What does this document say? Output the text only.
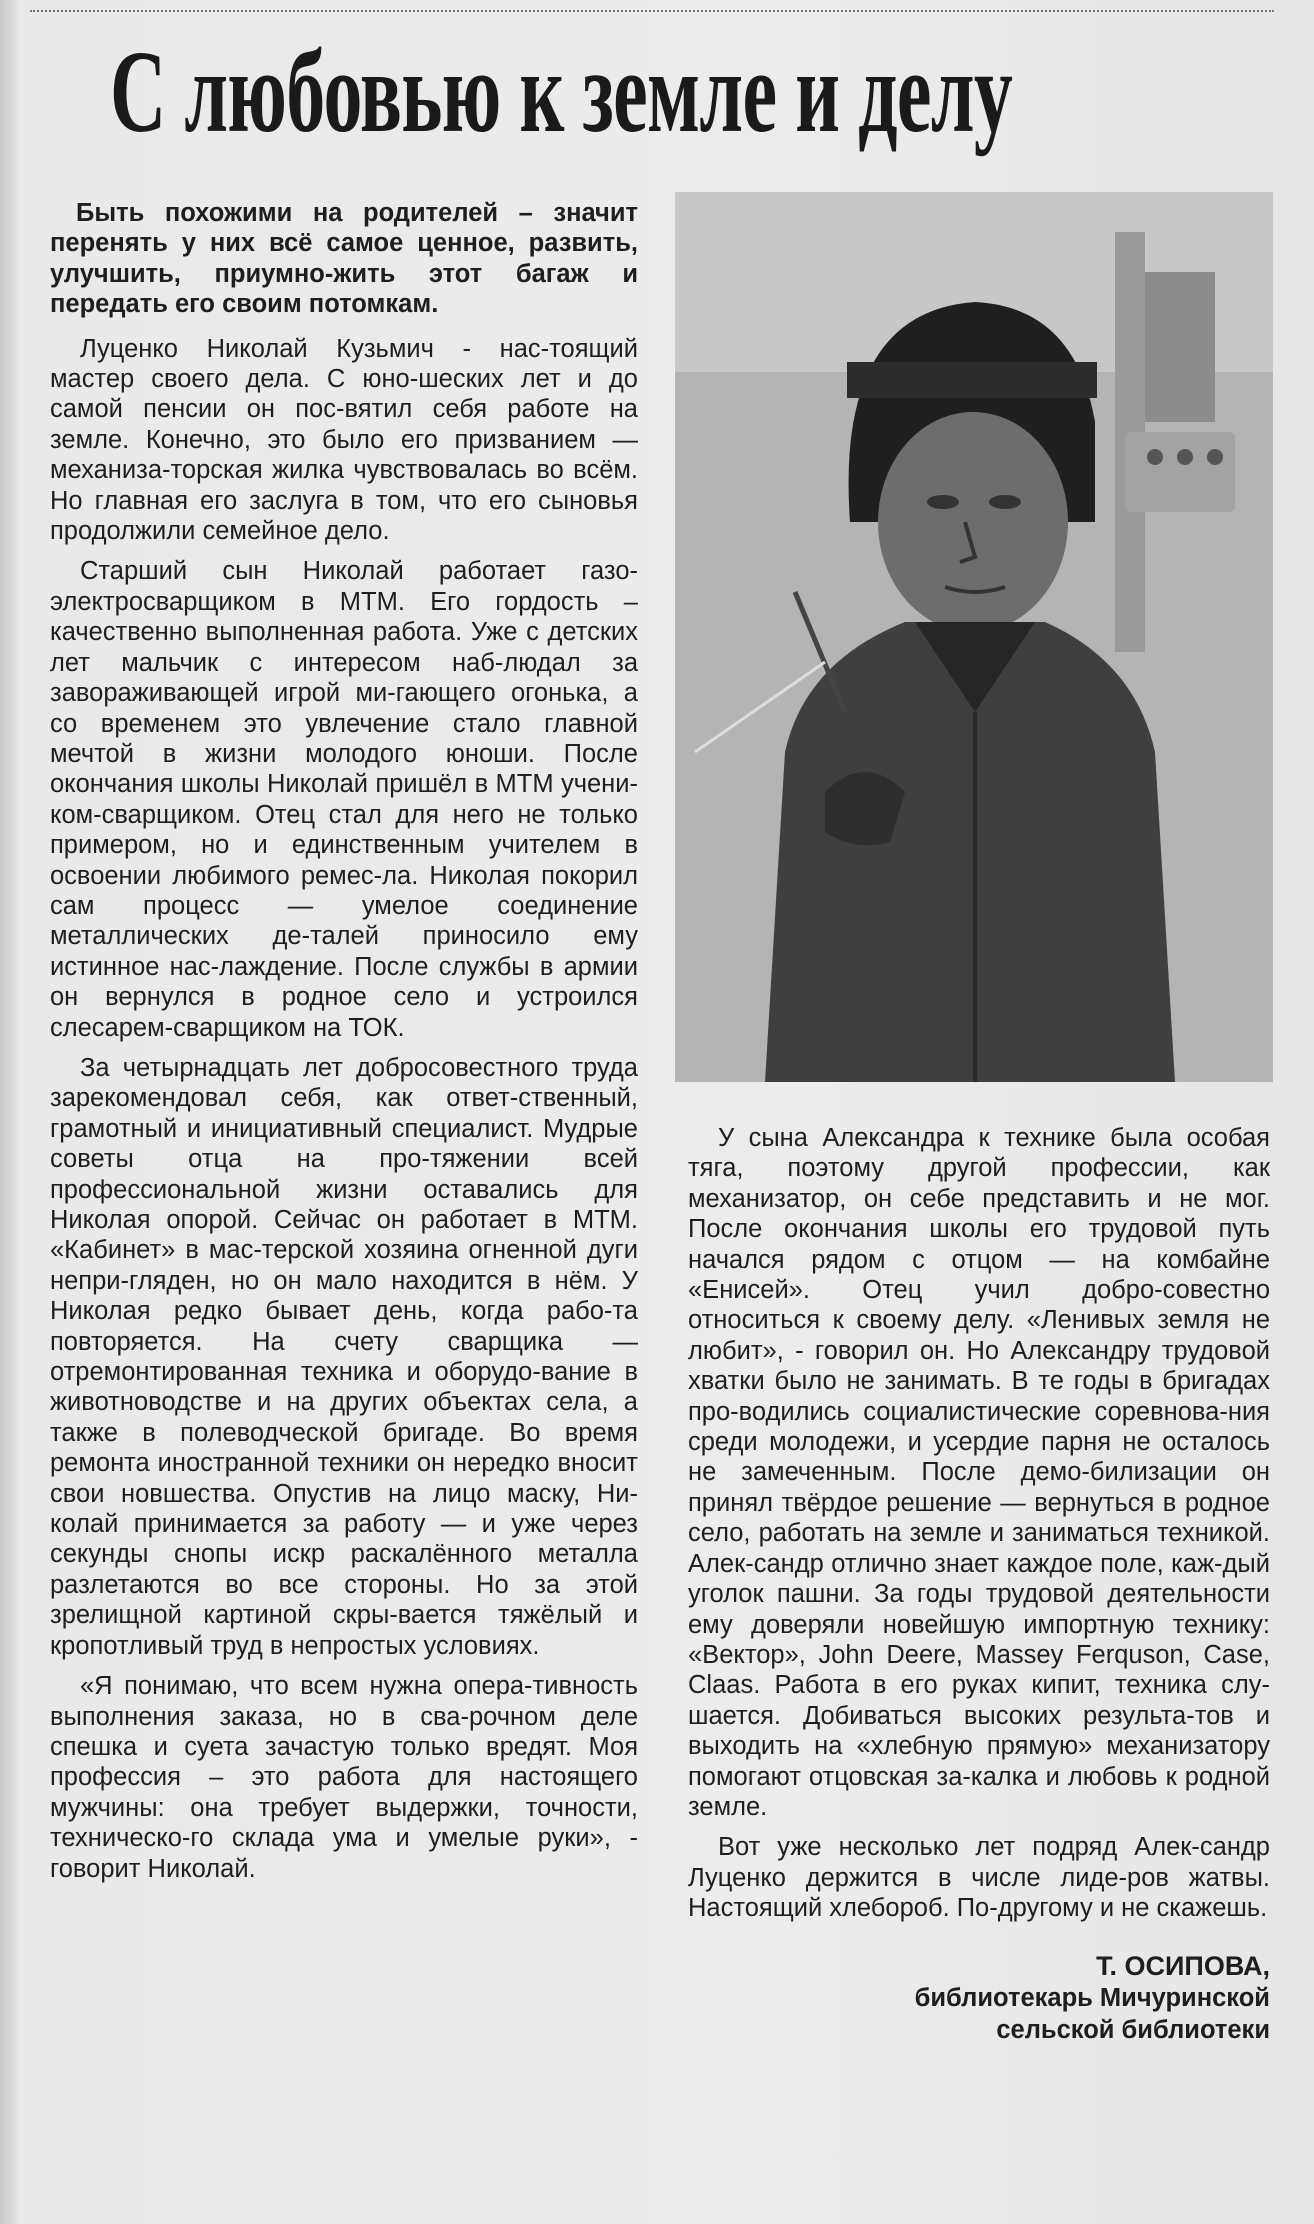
С любовью к земле и делу

Быть похожими на родителей – значит перенять у них всё самое ценное, развить, улучшить, приумно-жить этот багаж и передать его своим потомкам.

Луценко Николай Кузьмич - нас-тоящий мастер своего дела. С юно-шеских лет и до самой пенсии он пос-вятил себя работе на земле. Конечно, это было его призванием — механиза-торская жилка чувствовалась во всём. Но главная его заслуга в том, что его сыновья продолжили семейное дело.

Старший сын Николай работает газо-электросварщиком в МТМ. Его гордость – качественно выполненная работа. Уже с детских лет мальчик с интересом наб-людал за завораживающей игрой ми-гающего огонька, а со временем это увлечение стало главной мечтой в жизни молодого юноши. После окончания школы Николай пришёл в МТМ учени-ком-сварщиком. Отец стал для него не только примером, но и единственным учителем в освоении любимого ремес-ла. Николая покорил сам процесс — умелое соединение металлических де-талей приносило ему истинное нас-лаждение. После службы в армии он вернулся в родное село и устроился слесарем-сварщиком на ТОК.

За четырнадцать лет добросовестного труда зарекомендовал себя, как ответ-ственный, грамотный и инициативный специалист. Мудрые советы отца на про-тяжении всей профессиональной жизни оставались для Николая опорой. Сейчас он работает в МТМ. «Кабинет» в мас-терской хозяина огненной дуги непри-гляден, но он мало находится в нём. У Николая редко бывает день, когда рабо-та повторяется. На счету сварщика — отремонтированная техника и оборудо-вание в животноводстве и на других объектах села, а также в полеводческой бригаде. Во время ремонта иностранной техники он нередко вносит свои новшества. Опустив на лицо маску, Ни-колай принимается за работу — и уже через секунды снопы искр раскалённого металла разлетаются во все стороны. Но за этой зрелищной картиной скры-вается тяжёлый и кропотливый труд в непростых условиях.

«Я понимаю, что всем нужна опера-тивность выполнения заказа, но в сва-рочном деле спешка и суета зачастую только вредят. Моя профессия – это работа для настоящего мужчины: она требует выдержки, точности, техническо-го склада ума и умелые руки», - говорит Николай.

У сына Александра к технике была особая тяга, поэтому другой профессии, как механизатор, он себе представить и не мог. После окончания школы его трудовой путь начался рядом с отцом — на комбайне «Енисей». Отец учил добро-совестно относиться к своему делу. «Ленивых земля не любит», - говорил он. Но Александру трудовой хватки было не занимать. В те годы в бригадах про-водились социалистические соревнова-ния среди молодежи, и усердие парня не осталось не замеченным. После демо-билизации он принял твёрдое решение — вернуться в родное село, работать на земле и заниматься техникой. Алек-сандр отлично знает каждое поле, каж-дый уголок пашни. За годы трудовой деятельности ему доверяли новейшую импортную технику: «Вектор», John Deere, Massey Ferquson, Case, Claas. Работа в его руках кипит, техника слу-шается. Добиваться высоких результа-тов и выходить на «хлебную прямую» механизатору помогают отцовская за-калка и любовь к родной земле.

Вот уже несколько лет подряд Алек-сандр Луценко держится в числе лиде-ров жатвы. Настоящий хлебороб. По-другому и не скажешь.

Т. ОСИПОВА,
библиотекарь Мичуринской
сельской библиотеки
